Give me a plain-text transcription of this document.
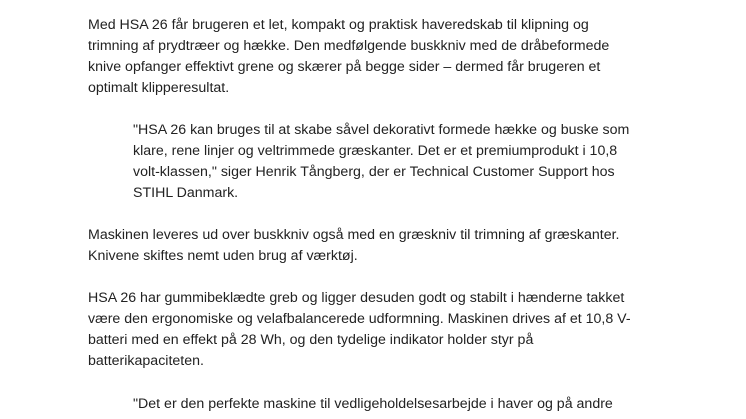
Med HSA 26 får brugeren et let, kompakt og praktisk haveredskab til klipning og
trimning af prydtræer og hække. Den medfølgende buskkniv med de dråbeformede
knive opfanger effektivt grene og skærer på begge sider – dermed får brugeren et
optimalt klipperesultat.

"HSA 26 kan bruges til at skabe såvel dekorativt formede hække og buske som
klare, rene linjer og veltrimmede græskanter. Det er et premiumprodukt i 10,8
volt-klassen," siger Henrik Tångberg, der er Technical Customer Support hos
STIHL Danmark.

Maskinen leveres ud over buskkniv også med en græskniv til trimning af græskanter.
Knivene skiftes nemt uden brug af værktøj.

HSA 26 har gummibeklædte greb og ligger desuden godt og stabilt i hænderne takket
være den ergonomiske og velafbalancerede udformning. Maskinen drives af et 10,8 V-
batteri med en effekt på 28 Wh, og den tydelige indikator holder styr på
batterikapaciteten.

"Det er den perfekte maskine til vedligeholdelsesarbejde i haver og på andre
